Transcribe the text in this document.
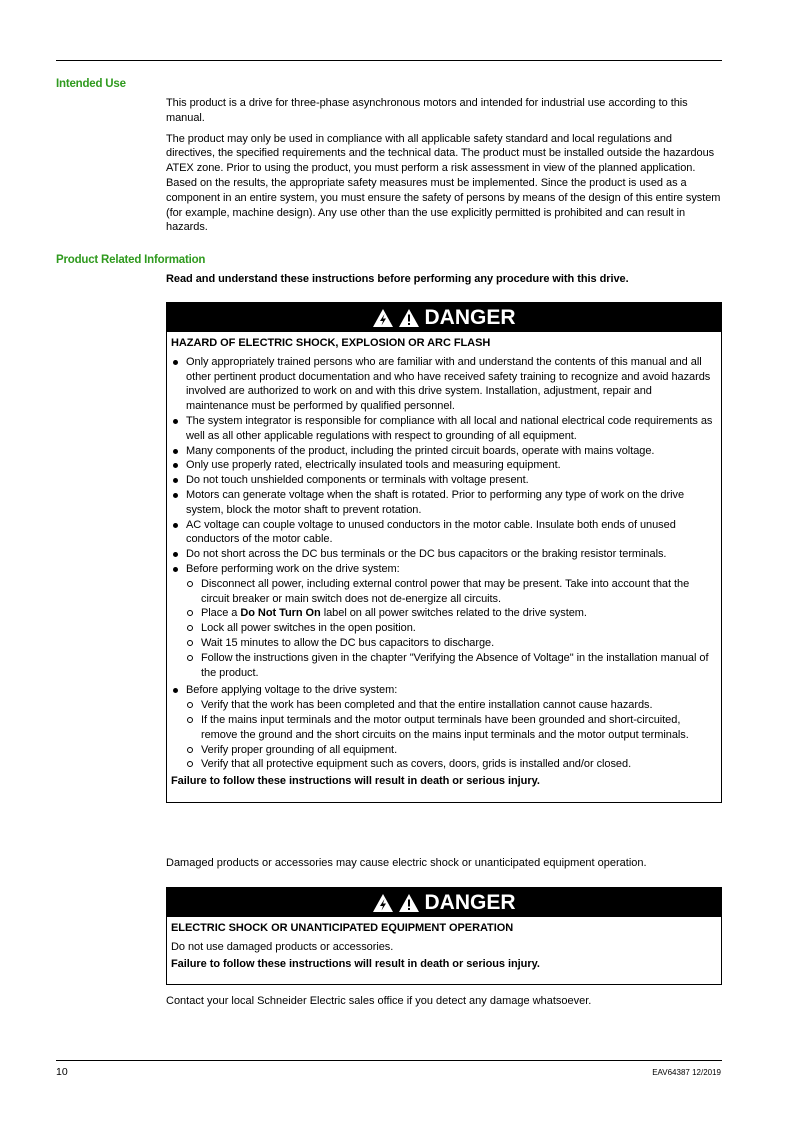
Intended Use

This product is a drive for three-phase asynchronous motors and intended for industrial use according to this manual.

The product may only be used in compliance with all applicable safety standard and local regulations and directives, the specified requirements and the technical data. The product must be installed outside the hazardous ATEX zone. Prior to using the product, you must perform a risk assessment in view of the planned application. Based on the results, the appropriate safety measures must be implemented. Since the product is used as a component in an entire system, you must ensure the safety of persons by means of the design of this entire system (for example, machine design). Any use other than the use explicitly permitted is prohibited and can result in hazards.

Product Related Information
Read and understand these instructions before performing any procedure with this drive.
DANGER

HAZARD OF ELECTRIC SHOCK, EXPLOSION OR ARC FLASH

Only appropriately trained persons who are familiar with and understand the contents of this manual and all other pertinent product documentation and who have received safety training to recognize and avoid hazards involved are authorized to work on and with this drive system. Installation, adjustment, repair and maintenance must be performed by qualified personnel.
The system integrator is responsible for compliance with all local and national electrical code requirements as well as all other applicable regulations with respect to grounding of all equipment.
Many components of the product, including the printed circuit boards, operate with mains voltage.
Only use properly rated, electrically insulated tools and measuring equipment.
Do not touch unshielded components or terminals with voltage present.
Motors can generate voltage when the shaft is rotated. Prior to performing any type of work on the drive system, block the motor shaft to prevent rotation.
AC voltage can couple voltage to unused conductors in the motor cable. Insulate both ends of unused conductors of the motor cable.
Do not short across the DC bus terminals or the DC bus capacitors or the braking resistor terminals.
Before performing work on the drive system:
Disconnect all power, including external control power that may be present. Take into account that the circuit breaker or main switch does not de-energize all circuits.
Place a Do Not Turn On label on all power switches related to the drive system.
Lock all power switches in the open position.
Wait 15 minutes to allow the DC bus capacitors to discharge.
Follow the instructions given in the chapter "Verifying the Absence of Voltage" in the installation manual of the product.
Before applying voltage to the drive system:
Verify that the work has been completed and that the entire installation cannot cause hazards.
If the mains input terminals and the motor output terminals have been grounded and short-circuited, remove the ground and the short circuits on the mains input terminals and the motor output terminals.
Verify proper grounding of all equipment.
Verify that all protective equipment such as covers, doors, grids is installed and/or closed.

Failure to follow these instructions will result in death or serious injury.

Damaged products or accessories may cause electric shock or unanticipated equipment operation.
DANGER

ELECTRIC SHOCK OR UNANTICIPATED EQUIPMENT OPERATION

Do not use damaged products or accessories.

Failure to follow these instructions will result in death or serious injury.

Contact your local Schneider Electric sales office if you detect any damage whatsoever.
10	EAV64387 12/2019
